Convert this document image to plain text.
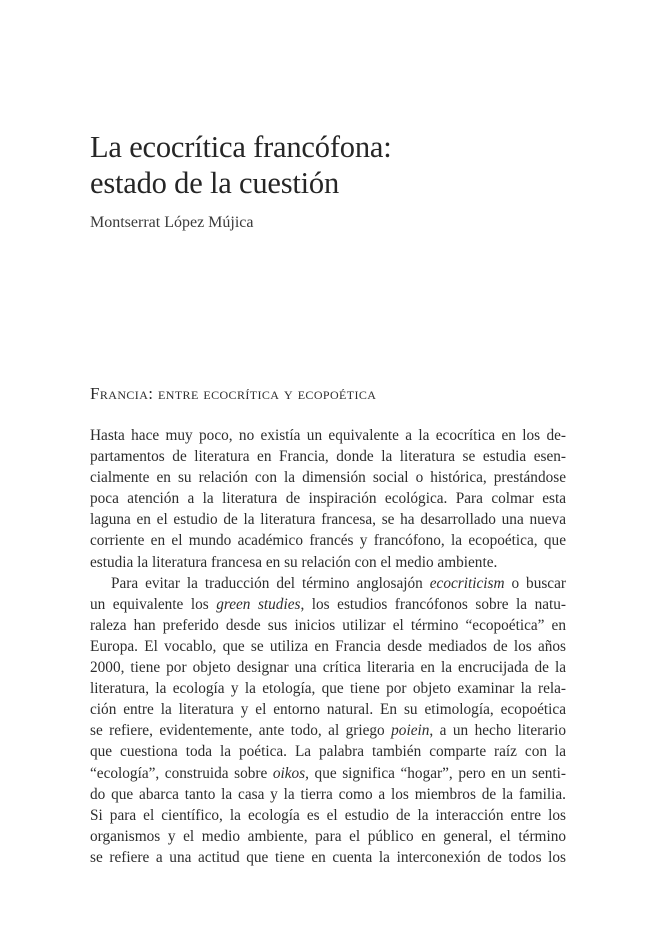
La ecocrítica francófona:
estado de la cuestión

Montserrat López Mújica

Francia: entre ecocrítica y ecopoética
Hasta hace muy poco, no existía un equivalente a la ecocrítica en los de-
partamentos de literatura en Francia, donde la literatura se estudia esen-
cialmente en su relación con la dimensión social o histórica, prestándose
poca atención a la literatura de inspiración ecológica. Para colmar esta
laguna en el estudio de la literatura francesa, se ha desarrollado una nueva
corriente en el mundo académico francés y francófono, la ecopoética, que
estudia la literatura francesa en su relación con el medio ambiente.
Para evitar la traducción del término anglosajón ecocriticism o buscar
un equivalente los green studies, los estudios francófonos sobre la natu-
raleza han preferido desde sus inicios utilizar el término “ecopoética” en
Europa. El vocablo, que se utiliza en Francia desde mediados de los años
2000, tiene por objeto designar una crítica literaria en la encrucijada de la
literatura, la ecología y la etología, que tiene por objeto examinar la rela-
ción entre la literatura y el entorno natural. En su etimología, ecopoética
se refiere, evidentemente, ante todo, al griego poiein, a un hecho literario
que cuestiona toda la poética. La palabra también comparte raíz con la
“ecología”, construida sobre oikos, que significa “hogar”, pero en un senti-
do que abarca tanto la casa y la tierra como a los miembros de la familia.
Si para el científico, la ecología es el estudio de la interacción entre los
organismos y el medio ambiente, para el público en general, el término
se refiere a una actitud que tiene en cuenta la interconexión de todos los
